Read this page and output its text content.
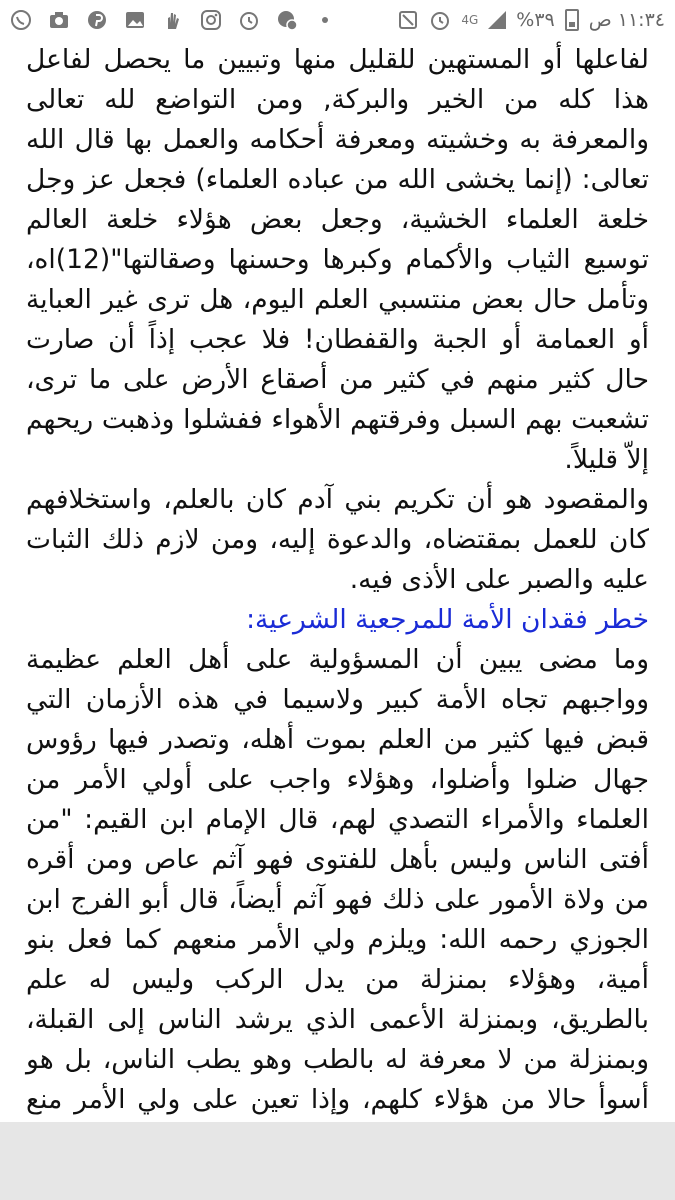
١١:٣٤ ص
٣٩%
4G

لفاعلها أو المستهين للقليل منها وتبيين ما يحصل لفاعل هذا كله من الخير والبركة, ومن التواضع لله تعالى والمعرفة به وخشيته ومعرفة أحكامه والعمل بها قال الله تعالى: (إنما يخشى الله من عباده العلماء) فجعل عز وجل خلعة العلماء الخشية، وجعل بعض هؤلاء خلعة العالم توسيع الثياب والأكمام وكبرها وحسنها وصقالتها"(12)اه، وتأمل حال بعض منتسبي العلم اليوم، هل ترى غير العباية أو العمامة أو الجبة والقفطان! فلا عجب إذاً أن صارت حال كثير منهم في كثير من أصقاع الأرض على ما ترى، تشعبت بهم السبل وفرقتهم الأهواء ففشلوا وذهبت ريحهم إلاّ قليلاً.

والمقصود هو أن تكريم بني آدم كان بالعلم، واستخلافهم كان للعمل بمقتضاه، والدعوة إليه، ومن لازم ذلك الثبات عليه والصبر على الأذى فيه.

خطر فقدان الأمة للمرجعية الشرعية:

وما مضى يبين أن المسؤولية على أهل العلم عظيمة وواجبهم تجاه الأمة كبير ولاسيما في هذه الأزمان التي قبض فيها كثير من العلم بموت أهله، وتصدر فيها رؤوس جهال ضلوا وأضلوا، وهؤلاء واجب على أولي الأمر من العلماء والأمراء التصدي لهم، قال الإمام ابن القيم: "من أفتى الناس وليس بأهل للفتوى فهو آثم عاص ومن أقره من ولاة الأمور على ذلك فهو آثم أيضاً، قال أبو الفرج ابن الجوزي رحمه الله: ويلزم ولي الأمر منعهم كما فعل بنو أمية، وهؤلاء بمنزلة من يدل الركب وليس له علم بالطريق، وبمنزلة الأعمى الذي يرشد الناس إلى القبلة، وبمنزلة من لا معرفة له بالطب وهو يطب الناس، بل هو أسوأ حالا من هؤلاء كلهم، وإذا تعين على ولي الأمر منع
